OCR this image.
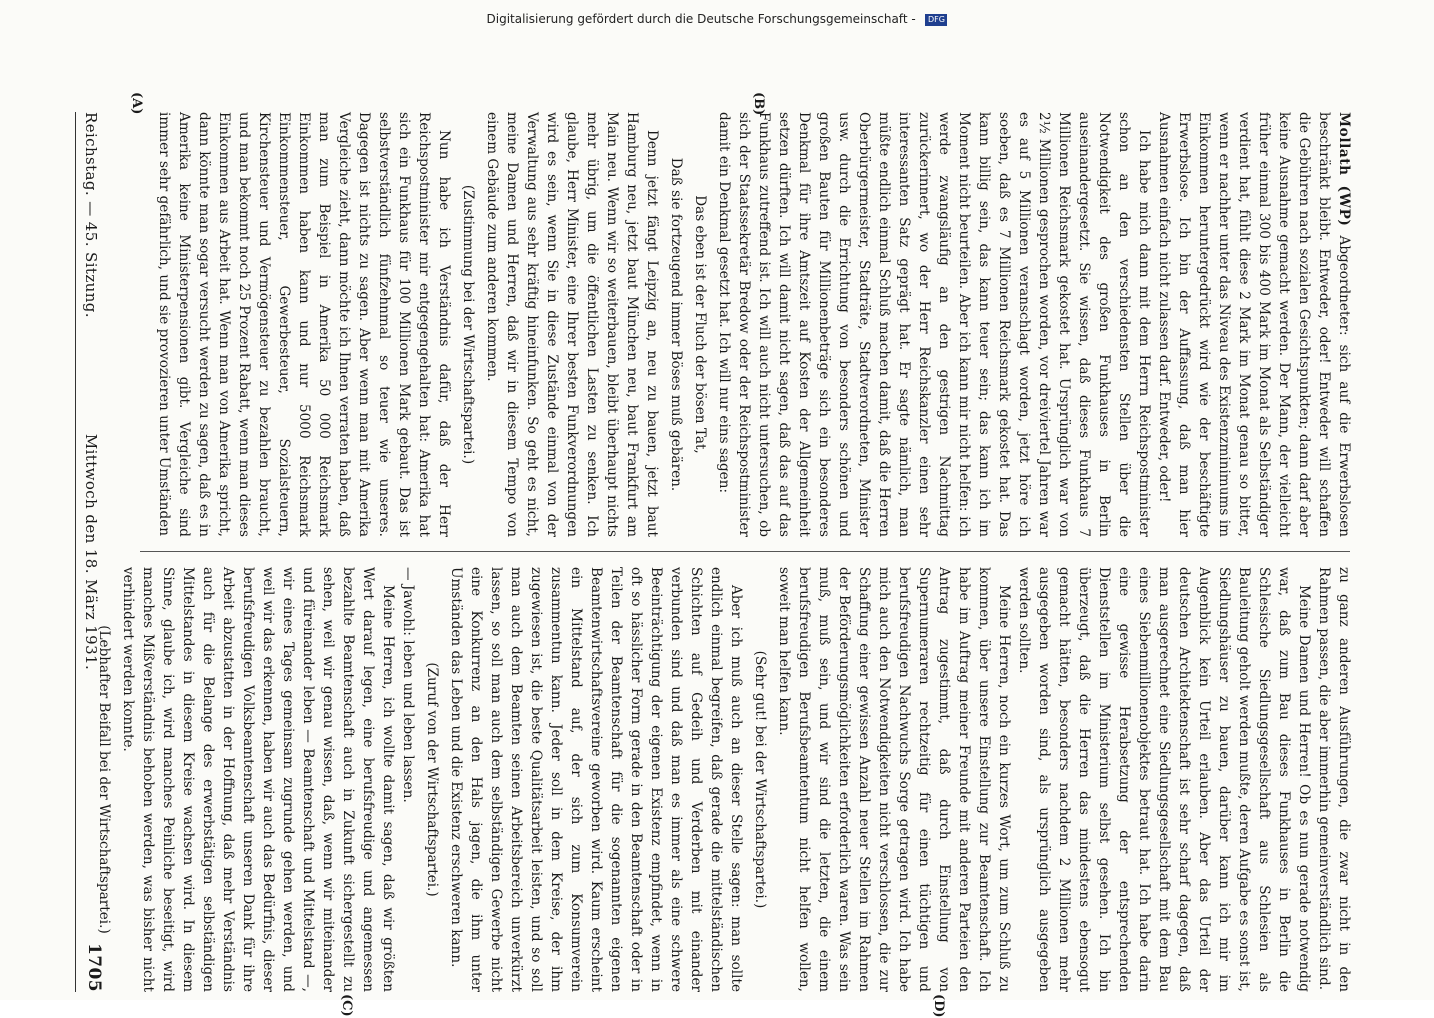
Reichstag. — 45. Sitzung.
Mittwoch den 18. März 1931.
1705
(A)	(B)
(C)	(D)

Mollath (WP) Abgeordneter: sich auf die Erwerbslosen beschränkt bleibt. Entweder, oder! Entweder will schaffen die Gebühren nach sozialen Gesichtspunkten; dann darf aber keine Ausnahme gemacht werden. Der Mann, der vielleicht früher einmal 300 bis 400 Mark im Monat als Selbständiger verdient hat, fühlt diese 2 Mark im Monat genau so bitter, wenn er nachher unter das Niveau des Existenzminimums im Einkommen heruntergedrückt wird wie der beschäftigte Erwerbslose. Ich bin der Auffassung, daß man hier Ausnahmen einfach nicht zulassen darf. Entweder, oder!

Ich habe mich dann mit dem Herrn Reichspostminister schon an den verschiedensten Stellen über die Notwendigkeit des großen Funkhauses in Berlin auseinandergesetzt. Sie wissen, daß dieses Funkhaus 7 Millionen Reichsmark gekostet hat. Ursprünglich war von 2½ Millionen gesprochen worden, vor dreiviertel Jahren war es auf 5 Millionen veranschlagt worden, jetzt höre ich soeben, daß es 7 Millionen Reichsmark gekostet hat. Das kann billig sein, das kann teuer sein; das kann ich im Moment nicht beurteilen. Aber ich kann mir nicht helfen: ich werde zwangsläufig an den gestrigen Nachmittag zurückerinnert, wo der Herr Reichskanzler einen sehr interessanten Satz geprägt hat. Er sagte nämlich, man müßte endlich einmal Schluß machen damit, daß die Herren Oberbürgermeister, Stadträte, Stadtverordneten, Minister usw. durch die Errichtung von besonders schönen und großen Bauten für Millionenbeträge sich ein besonderes Denkmal für ihre Amtszeit auf Kosten der Allgemeinheit setzen dürften. Ich will damit nicht sagen, daß das auf das Funkhaus zutreffend ist. Ich will auch nicht untersuchen, ob sich der Staatssekretär Bredow oder der Reichspostminister damit ein Denkmal gesetzt hat. Ich will nur eins sagen:

Das eben ist der Fluch der bösen Tat,

Daß sie fortzeugend immer Böses muß gebären.

Denn jetzt fängt Leipzig an, neu zu bauen, jetzt baut Hamburg neu, jetzt baut München neu, baut Frankfurt am Main neu. Wenn wir so weiterbauen, bleibt überhaupt nichts mehr übrig, um die öffentlichen Lasten zu senken. Ich glaube, Herr Minister, eine Ihrer besten Funkverordnungen wird es sein, wenn Sie in diese Zustände einmal von der Verwaltung aus sehr kräftig hineinfunken. So geht es nicht, meine Damen und Herren, daß wir in diesem Tempo von einem Gebäude zum anderen kommen.

(Zustimmung bei der Wirtschaftspartei.)

Nun habe ich Verständnis dafür, daß der Herr Reichspostminister mir entgegengehalten hat: Amerika hat sich ein Funkhaus für 100 Millionen Mark gebaut. Das ist selbstverständlich fünfzehnmal so teuer wie unseres. Dagegen ist nichts zu sagen. Aber wenn man mit Amerika Vergleiche zieht, dann möchte ich Ihnen verraten haben, daß man zum Beispiel in Amerika 50 000 Reichsmark Einkommen haben kann und nur 5000 Reichsmark Einkommensteuer, Gewerbesteuer, Sozialsteuern, Kirchensteuer und Vermögensteuer zu bezahlen braucht, und man bekommt noch 25 Prozent Rabatt, wenn man dieses Einkommen aus Arbeit hat. Wenn man von Amerika spricht, dann könnte man sogar versucht werden zu sagen, daß es in Amerika keine Ministerpensionen gibt. Vergleiche sind immer sehr gefährlich, und sie provozieren unter Umständen

zu ganz anderen Ausführungen, die zwar nicht in den Rahmen passen, die aber immerhin gemeinverständlich sind.

Meine Damen und Herren! Ob es nun gerade notwendig war, daß zum Bau dieses Funkhauses in Berlin die Schlesische Siedlungsgesellschaft aus Schlesien als Bauleitung geholt werden mußte, deren Aufgabe es sonst ist, Siedlungshäuser zu bauen, darüber kann ich mir im Augenblick kein Urteil erlauben. Aber das Urteil der deutschen Architektenschaft ist sehr scharf dagegen, daß man ausgerechnet eine Siedlungsgesellschaft mit dem Bau eines Siebenmillionenobjektes betraut hat. Ich habe darin eine gewisse Herabsetzung der entsprechenden Dienststellen im Ministerium selbst gesehen. Ich bin überzeugt, daß die Herren das mindestens ebensogut gemacht hätten, besonders nachdem 2 Millionen mehr ausgegeben worden sind, als ursprünglich ausgegeben werden sollten.

Meine Herren, noch ein kurzes Wort, um zum Schluß zu kommen, über unsere Einstellung zur Beamtenschaft. Ich habe im Auftrag meiner Freunde mit anderen Parteien den Antrag zugestimmt, daß durch Einstellung von Supernumeraren rechtzeitig für einen tüchtigen und berufsfreudigen Nachwuchs Sorge getragen wird. Ich habe mich auch den Notwendigkeiten nicht verschlossen, die zur Schaffung einer gewissen Anzahl neuer Stellen im Rahmen der Beförderungsmöglichkeiten erforderlich waren. Was sein muß, muß sein, und wir sind die letzten, die einem berufsfreudigen Berufsbeamtentum nicht helfen wollen, soweit man helfen kann.

(Sehr gut! bei der Wirtschaftspartei.)

Aber ich muß auch an dieser Stelle sagen: man sollte endlich einmal begreifen, daß gerade die mittelständischen Schichten auf Gedeih und Verderben mit einander verbunden sind und daß man es immer als eine schwere Beeinträchtigung der eigenen Existenz empfindet, wenn in oft so hässlicher Form gerade in den Beamtenschaft oder in Teilen der Beamtenschaft für die sogenannten eigenen Beamtenwirtschaftsvereine geworben wird. Kaum erscheint ein Mittelstand auf, der sich zum Konsumverein zusammentun kann. Jeder soll in dem Kreise, der ihm zugewiesen ist, die beste Qualitätsarbeit leisten, und so soll man auch dem Beamten seinen Arbeitsbereich unverkürzt lassen, so soll man auch dem selbständigen Gewerbe nicht eine Konkurrenz an den Hals jagen, die ihm unter Umständen das Leben und die Existenz erschweren kann.

(Zuruf von der Wirtschaftspartei.)

— Jawohl: leben und leben lassen.

Meine Herren, ich wollte damit sagen, daß wir größten Wert darauf legen, eine berufsfreudige und angemessen bezahlte Beamtenschaft auch in Zukunft sichergestellt zu sehen, weil wir genau wissen, daß, wenn wir miteinander und füreinander leben — Beamtenschaft und Mittelstand —, wir eines Tages gemeinsam zugrunde gehen werden, und weil wir das erkennen, haben wir auch das Bedürfnis, dieser berufsfreudigen Volksbeamtenschaft unseren Dank für ihre Arbeit abzustatten in der Hoffnung, daß mehr Verständnis auch für die Belange des erwerbstätigen selbständigen Mittelstandes in diesem Kreise wachsen wird. In diesem Sinne, glaube ich, wird manches Peinliche beseitigt, wird manches Mißverständnis behoben werden, was bisher nicht verhindert werden konnte.

(Lebhafter Beifall bei der Wirtschaftspartei.)

Digitalisierung gefördert durch die Deutsche Forschungsgemeinschaft - DFG
